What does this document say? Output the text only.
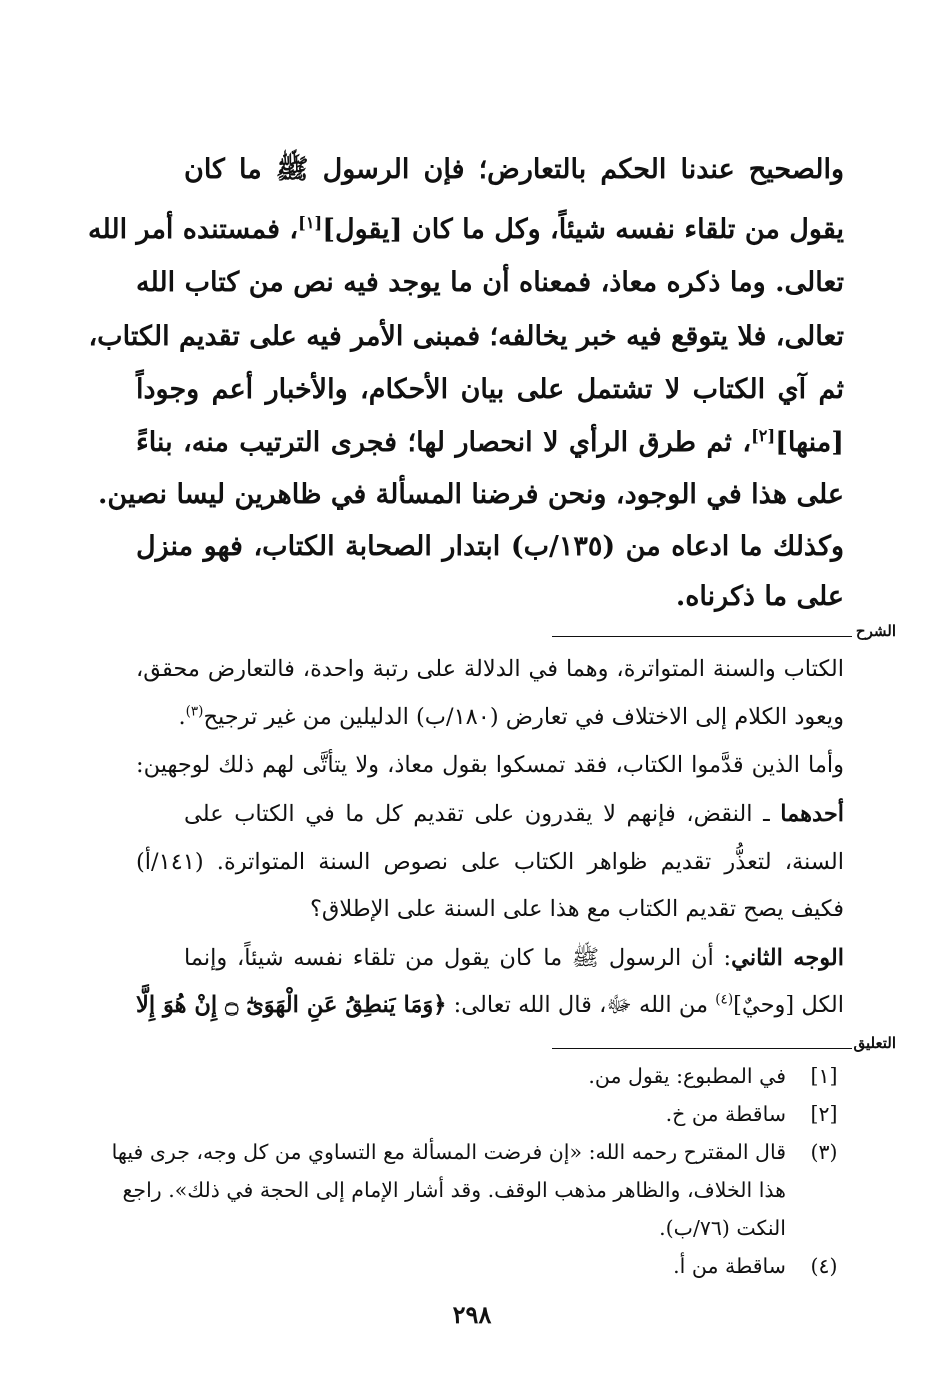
والصحيح عندنا الحكم بالتعارض؛ فإن الرسول ﷺ ما كان
يقول من تلقاء نفسه شيئاً، وكل ما كان [يقول][١]، فمستنده أمر الله
تعالى. وما ذكره معاذ، فمعناه أن ما يوجد فيه نص من كتاب الله
تعالى، فلا يتوقع فيه خبر يخالفه؛ فمبنى الأمر فيه على تقديم الكتاب،
ثم آي الكتاب لا تشتمل على بيان الأحكام، والأخبار أعم وجوداً
[منها][٢]، ثم طرق الرأي لا انحصار لها؛ فجرى الترتيب منه، بناءً
على هذا في الوجود، ونحن فرضنا المسألة في ظاهرين ليسا نصين.
وكذلك ما ادعاه من (١٣٥/ب) ابتدار الصحابة الكتاب، فهو منزل
على ما ذكرناه.
الشرح
الكتاب والسنة المتواترة، وهما في الدلالة على رتبة واحدة، فالتعارض محقق،
ويعود الكلام إلى الاختلاف في تعارض (١٨٠/ب) الدليلين من غير ترجيح$^{(٣)}$.
وأما الذين قدَّموا الكتاب، فقد تمسكوا بقول معاذ، ولا يتأتَّى لهم ذلك لوجهين:
أحدهما ـ النقض، فإنهم لا يقدرون على تقديم كل ما في الكتاب على
السنة، لتعذُّر تقديم ظواهر الكتاب على نصوص السنة المتواترة. (١٤١/أ)
فكيف يصح تقديم الكتاب مع هذا على السنة على الإطلاق؟
الوجه الثاني: أن الرسول ﷺ ما كان يقول من تلقاء نفسه شيئاً، وإنما
الكل [وحيٌ]$^{(٤)}$ من الله ﷻ، قال الله تعالى: ﴿وَمَا يَنطِقُ عَنِ الْهَوَىٰٓ ۝ إِنْ هُوَ إِلَّا
التعليق
[١]
في المطبوع: يقول من.
[٢]
ساقطة من خ.
(٣)
قال المقترح رحمه الله: «إن فرضت المسألة مع التساوي من كل وجه، جرى فيها
هذا الخلاف، والظاهر مذهب الوقف. وقد أشار الإمام إلى الحجة في ذلك». راجع
النكت (٧٦/ب).
(٤)
ساقطة من أ.
٢٩٨
